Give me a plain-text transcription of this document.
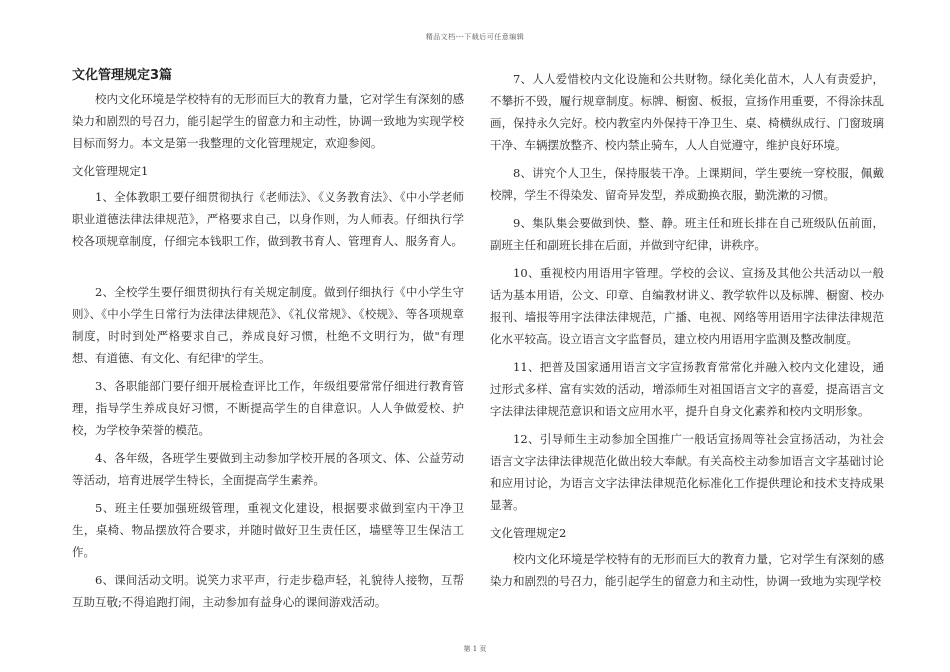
精品文档---下载后可任意编辑
文化管理规定3篇

校内文化环境是学校特有的无形而巨大的教育力量，它对学生有深刻的感染力和剧烈的号召力，能引起学生的留意力和主动性，协调一致地为实现学校目标而努力。本文是第一我整理的文化管理规定，欢迎参阅。

文化管理规定1

1、全体教职工要仔细贯彻执行《老师法》、《义务教育法》、《中小学老师职业道德法律法律规范》，严格要求自己，以身作则，为人师表。仔细执行学校各项规章制度，仔细完本钱职工作，做到教书育人、管理育人、服务育人。

2、全校学生要仔细贯彻执行有关规定制度。做到仔细执行《中小学生守则》、《中小学生日常行为法律法律规范》、《礼仪常规》、《校规》、等各项规章制度，时时到处严格要求自己，养成良好习惯，杜绝不文明行为，做"有理想、有道德、有文化、有纪律'的学生。

3、各职能部门要仔细开展检查评比工作，年级组要常常仔细进行教育管理，指导学生养成良好习惯，不断提高学生的自律意识。人人争做爱校、护校，为学校争荣誉的模范。

4、各年级，各班学生要做到主动参加学校开展的各项文、体、公益劳动等活动，培育进展学生特长，全面提高学生素养。

5、班主任要加强班级管理，重视文化建设，根据要求做到室内干净卫生，桌椅、物品摆放符合要求，并随时做好卫生责任区，墙壁等卫生保洁工作。

6、课间活动文明。说笑力求平声，行走步稳声轻，礼貌待人接物，互帮互助互敬;不得追跑打闹，主动参加有益身心的课间游戏活动。

7、人人爱惜校内文化设施和公共财物。绿化美化苗木，人人有责爱护，不攀折不毁，履行规章制度。标牌、橱窗、板报，宣扬作用重要，不得涂抹乱画，保持永久完好。校内教室内外保持干净卫生、桌、椅横纵成行、门窗玻璃干净、车辆摆放整齐、校内禁止骑车，人人自觉遵守，维护良好环境。

8、讲究个人卫生，保持服装干净。上课期间，学生要统一穿校服，佩戴校牌，学生不得染发、留奇异发型，养成勤换衣服，勤洗漱的习惯。

9、集队集会要做到快、整、静。班主任和班长排在自己班级队伍前面，副班主任和副班长排在后面，并做到守纪律，讲秩序。

10、重视校内用语用字管理。学校的会议、宣扬及其他公共活动以一般话为基本用语，公文、印章、自编教材讲义、教学软件以及标牌、橱窗、校办报刊、墙报等用字法律法律规范，广播、电视、网络等用语用字法律法律规范化水平较高。设立语言文字监督员，建立校内用语用字监测及整改制度。

11、把普及国家通用语言文字宣扬教育常常化并融入校内文化建设，通过形式多样、富有实效的活动，增添师生对祖国语言文字的喜爱，提高语言文字法律法律规范意识和语文应用水平，提升自身文化素养和校内文明形象。

12、引导师生主动参加全国推广一般话宣扬周等社会宣扬活动，为社会语言文字法律法律规范化做出较大奉献。有关高校主动参加语言文字基础讨论和应用讨论，为语言文字法律法律规范化标准化工作提供理论和技术支持成果显著。

文化管理规定2

校内文化环境是学校特有的无形而巨大的教育力量，它对学生有深刻的感染力和剧烈的号召力，能引起学生的留意力和主动性，协调一致地为实现学校

第 1 页
